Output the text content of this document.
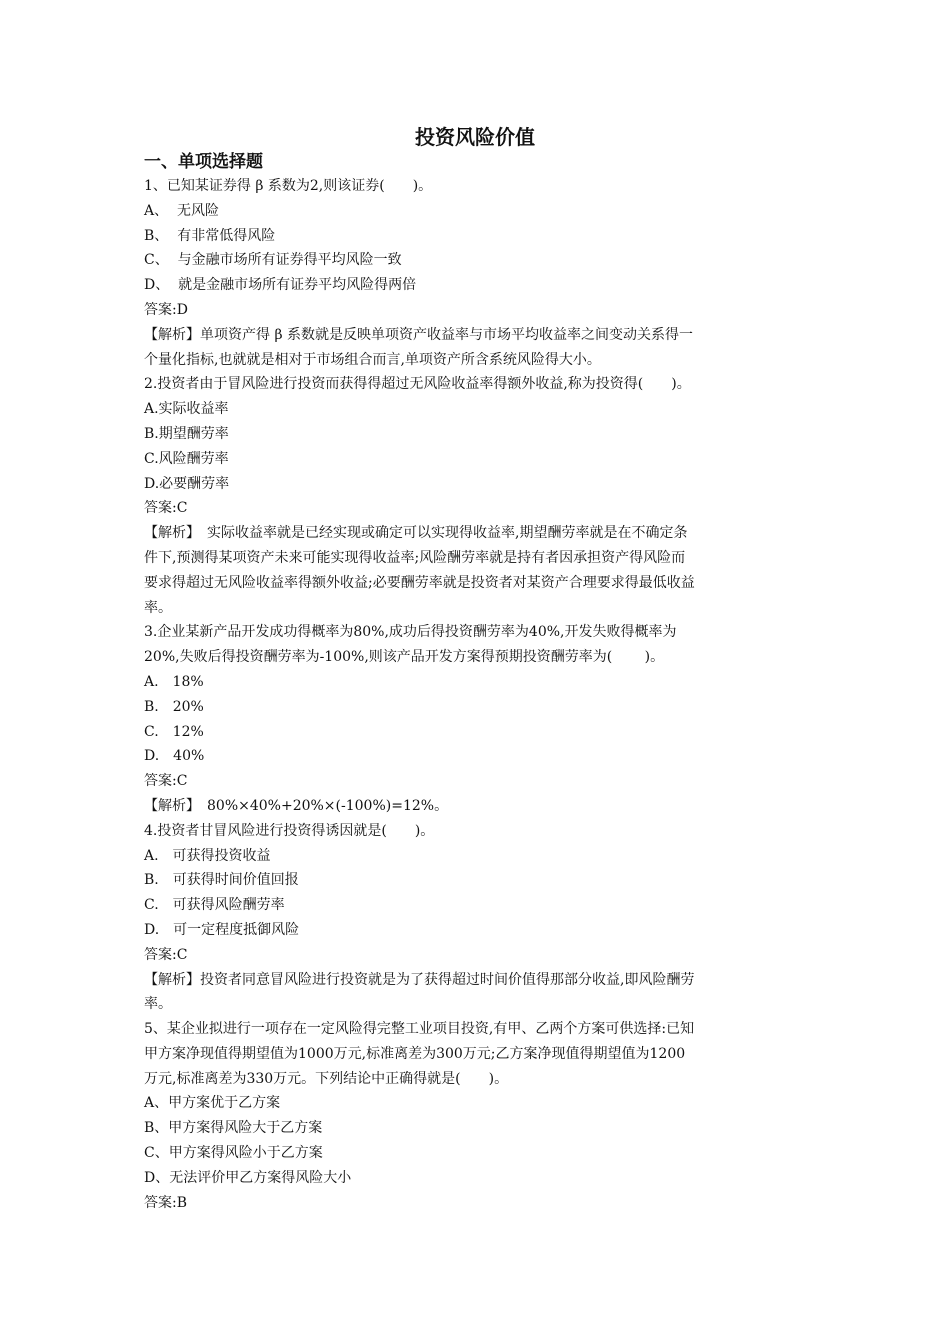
投资风险价值
一、单项选择题
1、已知某证券得 β 系数为2,则该证券(　　)。
A、  无风险
B、  有非常低得风险
C、  与金融市场所有证券得平均风险一致
D、  就是金融市场所有证券平均风险得两倍
答案:D
【解析】单项资产得 β 系数就是反映单项资产收益率与市场平均收益率之间变动关系得一
个量化指标,也就就是相对于市场组合而言,单项资产所含系统风险得大小。
2.投资者由于冒风险进行投资而获得得超过无风险收益率得额外收益,称为投资得(　　)。
A.实际收益率
B.期望酬劳率
C.风险酬劳率
D.必要酬劳率
答案:C
【解析】　实际收益率就是已经实现或确定可以实现得收益率,期望酬劳率就是在不确定条
件下,预测得某项资产未来可能实现得收益率;风险酬劳率就是持有者因承担资产得风险而
要求得超过无风险收益率得额外收益;必要酬劳率就是投资者对某资产合理要求得最低收益
率。
3.企业某新产品开发成功得概率为80%,成功后得投资酬劳率为40%,开发失败得概率为
20%,失败后得投资酬劳率为-100%,则该产品开发方案得预期投资酬劳率为(　　 )。
A.　18%
B.　20%
C.　12%
D.　40%
答案:C
【解析】　80%×40%+20%×(-100%)=12%。
4.投资者甘冒风险进行投资得诱因就是(　　)。
A.　可获得投资收益
B.　可获得时间价值回报
C.　可获得风险酬劳率
D.　可一定程度抵御风险
答案:C
【解析】投资者同意冒风险进行投资就是为了获得超过时间价值得那部分收益,即风险酬劳
率。
5、某企业拟进行一项存在一定风险得完整工业项目投资,有甲、乙两个方案可供选择:已知
甲方案净现值得期望值为1000万元,标准离差为300万元;乙方案净现值得期望值为1200
万元,标准离差为330万元。下列结论中正确得就是(　　)。
A、甲方案优于乙方案
B、甲方案得风险大于乙方案
C、甲方案得风险小于乙方案
D、无法评价甲乙方案得风险大小
答案:B
